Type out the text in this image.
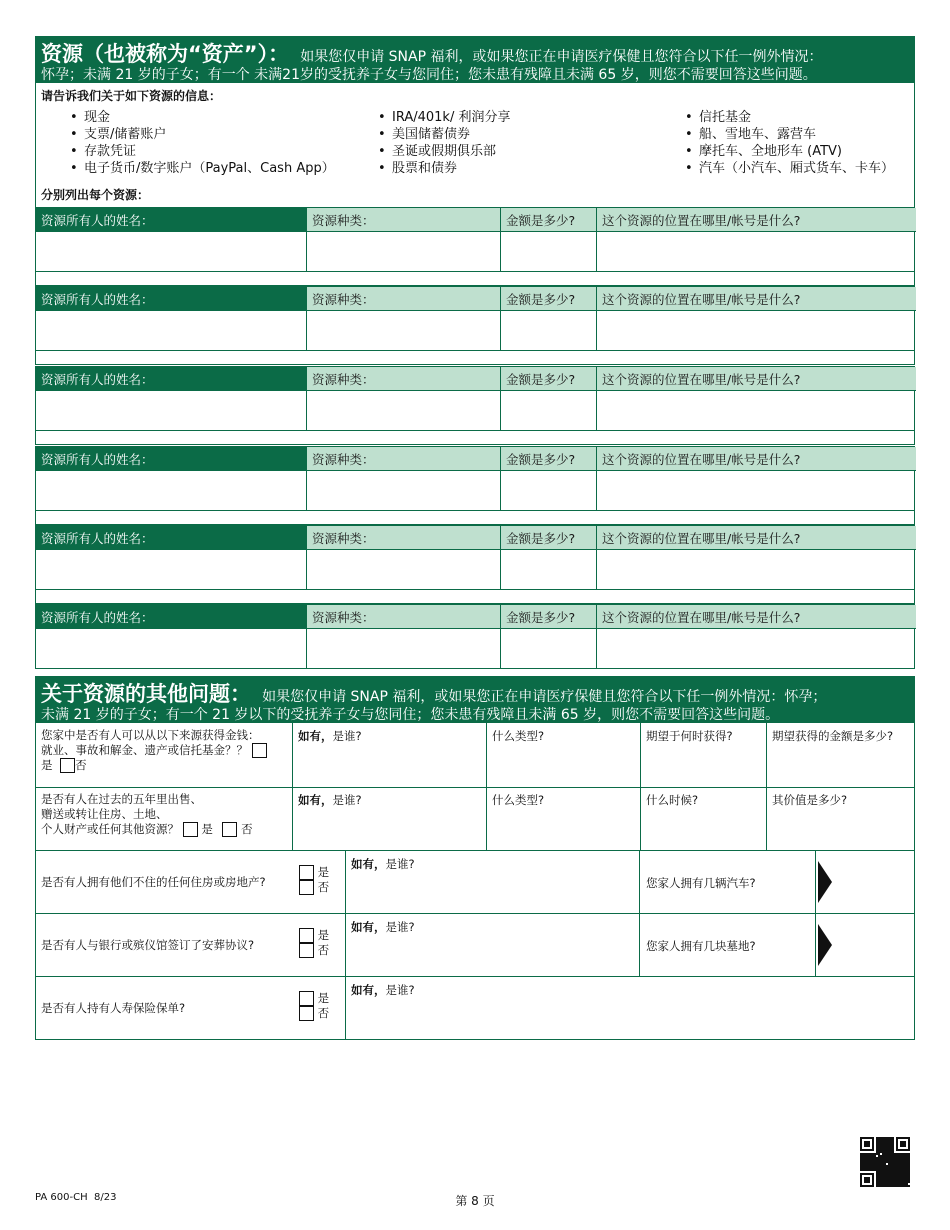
资源（也被称为“资产”）： 如果您仅申请 SNAP 福利，或如果您正在申请医疗保健且您符合以下任一例外情况：
怀孕；未满 21 岁的子女；有一个 未满21岁的受抚养子女与您同住；您未患有残障且未满 65 岁，则您不需要回答这些问题。
请告诉我们关于如下资源的信息：
• 现金
• 支票/储蓄账户
• 存款凭证
• 电子货币/数字账户（PayPal、Cash App）
• IRA/401k/ 利润分享
• 美国储蓄债券
• 圣诞或假期俱乐部
• 股票和债券
• 信托基金
• 船、雪地车、露营车
• 摩托车、全地形车 (ATV)
• 汽车（小汽车、厢式货车、卡车）
分别列出每个资源：
资源所有人的姓名：	资源种类：	金额是多少?	这个资源的位置在哪里/帐号是什么?
资源所有人的姓名：	资源种类：	金额是多少?	这个资源的位置在哪里/帐号是什么?
资源所有人的姓名：	资源种类：	金额是多少?	这个资源的位置在哪里/帐号是什么?
资源所有人的姓名：	资源种类：	金额是多少?	这个资源的位置在哪里/帐号是什么?
资源所有人的姓名：	资源种类：	金额是多少?	这个资源的位置在哪里/帐号是什么?
资源所有人的姓名：	资源种类：	金额是多少?	这个资源的位置在哪里/帐号是什么?
关于资源的其他问题： 如果您仅申请 SNAP 福利，或如果您正在申请医疗保健且您符合以下任一例外情况：怀孕；
未满 21 岁的子女；有一个 21 岁以下的受抚养子女与您同住；您未患有残障且未满 65 岁，则您不需要回答这些问题。
您家中是否有人可以从以下来源获得金钱：
就业、事故和解金、遗产或信托基金？？
是 否
如有，是谁?	什么类型?	期望于何时获得?	期望获得的金额是多少?
是否有人在过去的五年里出售、
赠送或转让住房、土地、
个人财产或任何其他资源？ 是 否
如有，是谁?	什么类型?	什么时候?	其价值是多少?
是否有人拥有他们不住的任何住房或房地产?
是
否
如有，是谁?
您家人拥有几辆汽车?
是否有人与银行或殡仪馆签订了安葬协议?
是
否
如有，是谁?
您家人拥有几块墓地?
是否有人持有人寿保险保单?
是
否
如有，是谁?
PA 600-CH 8/23	第 8 页
